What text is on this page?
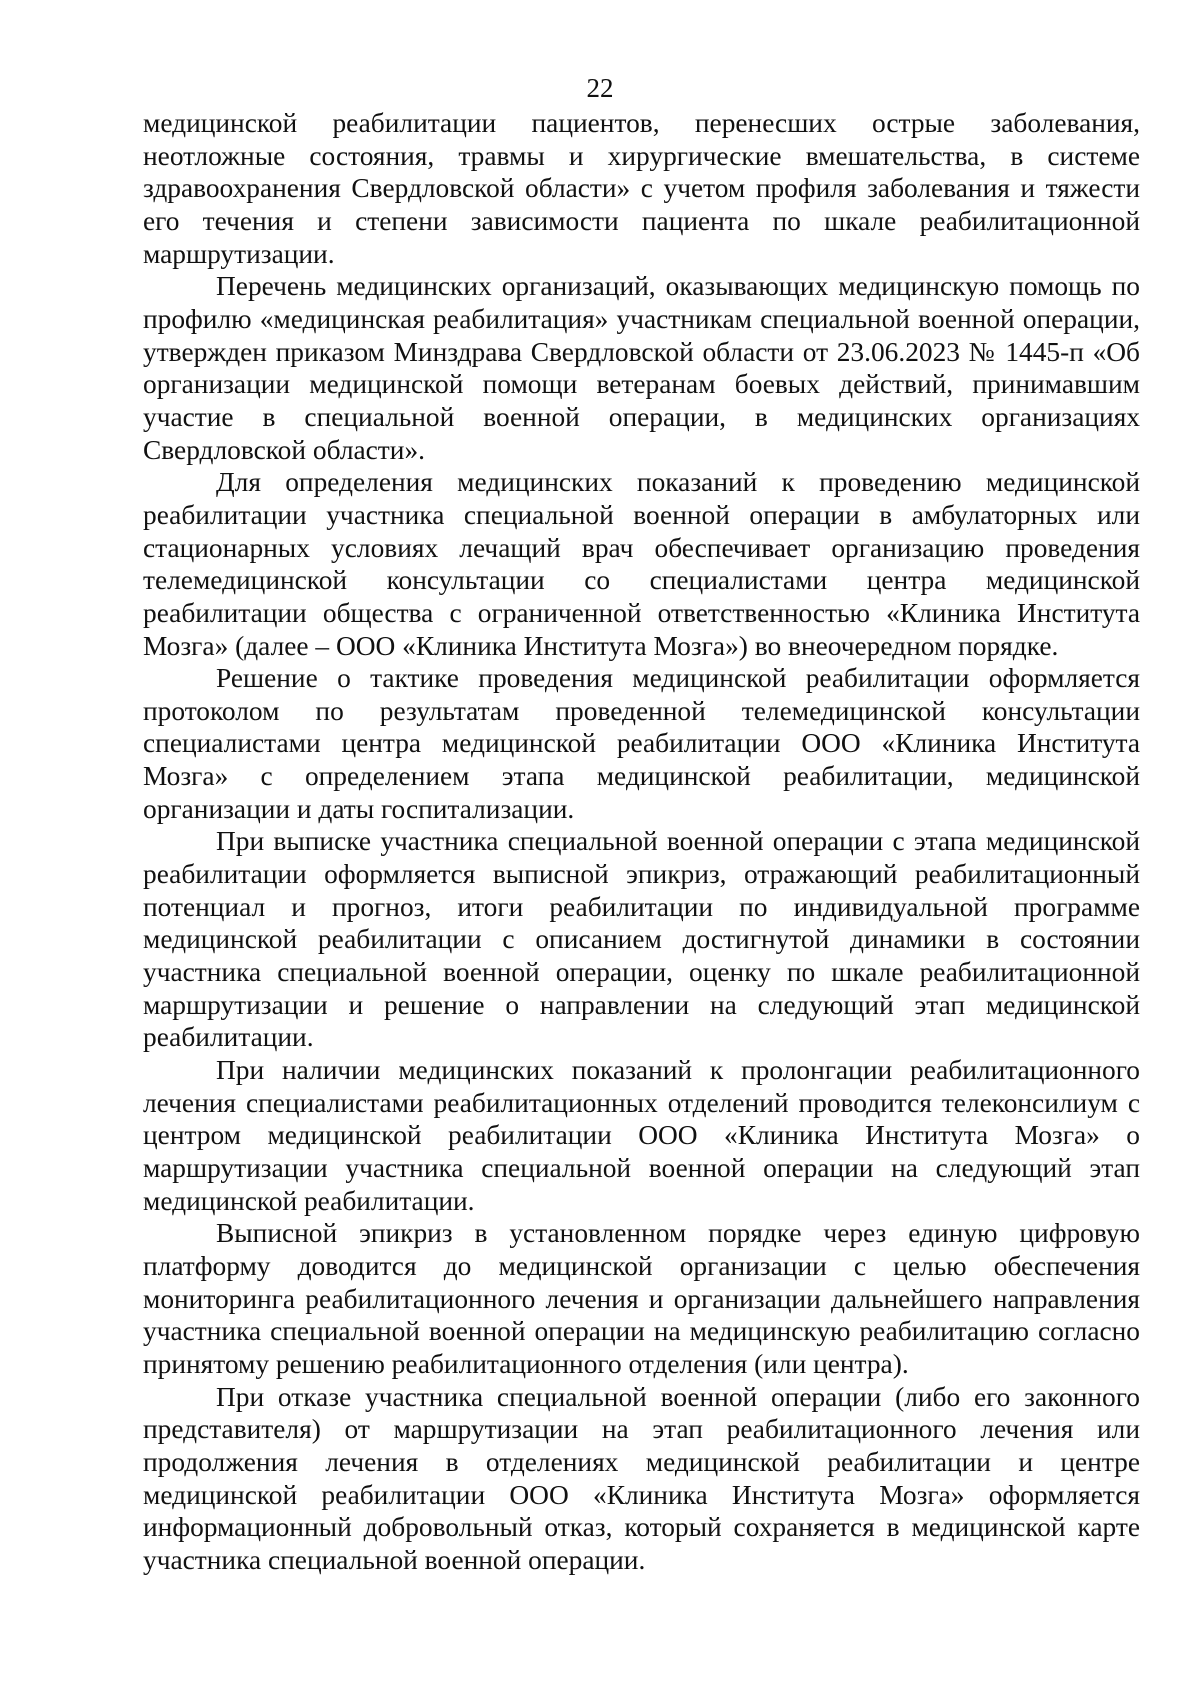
22

медицинской реабилитации пациентов, перенесших острые заболевания, неотложные состояния, травмы и хирургические вмешательства, в системе здравоохранения Свердловской области» с учетом профиля заболевания и тяжести его течения и степени зависимости пациента по шкале реабилитационной маршрутизации.

Перечень медицинских организаций, оказывающих медицинскую помощь по профилю «медицинская реабилитация» участникам специальной военной операции, утвержден приказом Минздрава Свердловской области от 23.06.2023 № 1445-п «Об организации медицинской помощи ветеранам боевых действий, принимавшим участие в специальной военной операции, в медицинских организациях Свердловской области».

Для определения медицинских показаний к проведению медицинской реабилитации участника специальной военной операции в амбулаторных или стационарных условиях лечащий врач обеспечивает организацию проведения телемедицинской консультации со специалистами центра медицинской реабилитации общества с ограниченной ответственностью «Клиника Института Мозга» (далее – ООО «Клиника Института Мозга») во внеочередном порядке.

Решение о тактике проведения медицинской реабилитации оформляется протоколом по результатам проведенной телемедицинской консультации специалистами центра медицинской реабилитации ООО «Клиника Института Мозга» с определением этапа медицинской реабилитации, медицинской организации и даты госпитализации.

При выписке участника специальной военной операции с этапа медицинской реабилитации оформляется выписной эпикриз, отражающий реабилитационный потенциал и прогноз, итоги реабилитации по индивидуальной программе медицинской реабилитации с описанием достигнутой динамики в состоянии участника специальной военной операции, оценку по шкале реабилитационной маршрутизации и решение о направлении на следующий этап медицинской реабилитации.

При наличии медицинских показаний к пролонгации реабилитационного лечения специалистами реабилитационных отделений проводится телеконсилиум с центром медицинской реабилитации ООО «Клиника Института Мозга» о маршрутизации участника специальной военной операции на следующий этап медицинской реабилитации.

Выписной эпикриз в установленном порядке через единую цифровую платформу доводится до медицинской организации с целью обеспечения мониторинга реабилитационного лечения и организации дальнейшего направления участника специальной военной операции на медицинскую реабилитацию согласно принятому решению реабилитационного отделения (или центра).

При отказе участника специальной военной операции (либо его законного представителя) от маршрутизации на этап реабилитационного лечения или продолжения лечения в отделениях медицинской реабилитации и центре медицинской реабилитации ООО «Клиника Института Мозга» оформляется информационный добровольный отказ, который сохраняется в медицинской карте участника специальной военной операции.
